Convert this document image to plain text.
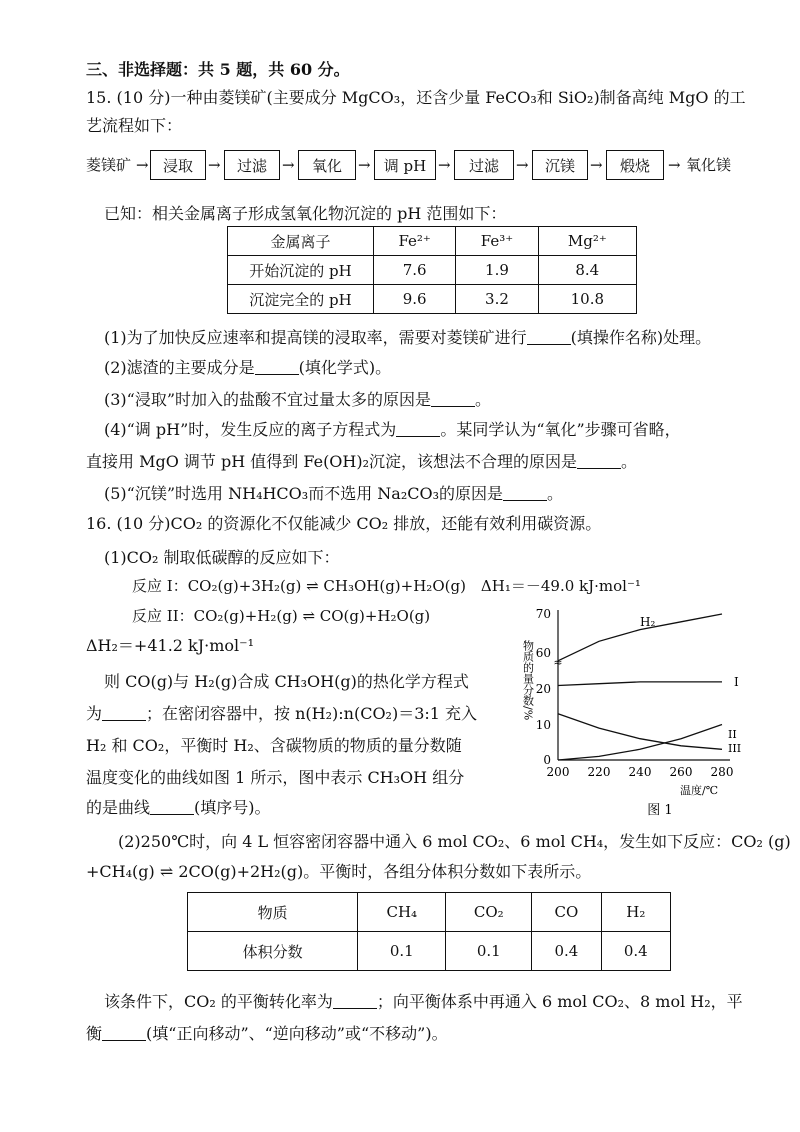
三、非选择题：共 5 题，共 60 分。
15. (10 分)一种由菱镁矿(主要成分 MgCO₃，还含少量 FeCO₃和 SiO₂)制备高纯 MgO 的工
艺流程如下：
菱镁矿 → 浸取	→	过滤	→	氧化	→ 调 pH →	过滤	→	沉镁	→	煅烧	→ 氧化镁
已知：相关金属离子形成氢氧化物沉淀的 pH 范围如下：
金属离子	Fe²⁺	Fe³⁺	Mg²⁺
开始沉淀的 pH	7.6	1.9	8.4
沉淀完全的 pH	9.6	3.2	10.8
(1)为了加快反应速率和提高镁的浸取率，需要对菱镁矿进行	(填操作名称)处理。
(2)滤渣的主要成分是	(填化学式)。
(3)“浸取”时加入的盐酸不宜过量太多的原因是	。
(4)“调 pH”时，发生反应的离子方程式为	。某同学认为“氧化”步骤可省略，
直接用 MgO 调节 pH 值得到 Fe(OH)₂沉淀，该想法不合理的原因是	。
(5)“沉镁”时选用 NH₄HCO₃而不选用 Na₂CO₃的原因是	。
16. (10 分)CO₂ 的资源化不仅能减少 CO₂ 排放，还能有效利用碳资源。
(1)CO₂ 制取低碳醇的反应如下：
反应 I：CO₂(g)+3H₂(g) ⇌ CH₃OH(g)+H₂O(g)　ΔH₁＝－49.0 kJ·mol⁻¹
反应 II：CO₂(g)+H₂(g) ⇌ CO(g)+H₂O(g)
ΔH₂＝+41.2 kJ·mol⁻¹
则 CO(g)与 H₂(g)合成 CH₃OH(g)的热化学方程式
为	；在密闭容器中，按 n(H₂):n(CO₂)＝3:1 充入
H₂ 和 CO₂，平衡时 H₂、含碳物质的物质的量分数随
温度变化的曲线如图 1 所示，图中表示 CH₃OH 组分
的是曲线	(填序号)。
70
60
20
10
0
≈
200 220 240 260 280
温度/℃
图 1
物质的量分数/%
H₂
I
II
III
(2)250℃时，向 4 L 恒容密闭容器中通入 6 mol CO₂、6 mol CH₄，发生如下反应：CO₂ (g)
+CH₄(g) ⇌ 2CO(g)+2H₂(g)。平衡时，各组分体积分数如下表所示。
物质	CH₄	CO₂	CO	H₂
体积分数	0.1	0.1	0.4	0.4
该条件下，CO₂ 的平衡转化率为	；向平衡体系中再通入 6 mol CO₂、8 mol H₂，平
衡	(填“正向移动”、“逆向移动”或“不移动”)。
